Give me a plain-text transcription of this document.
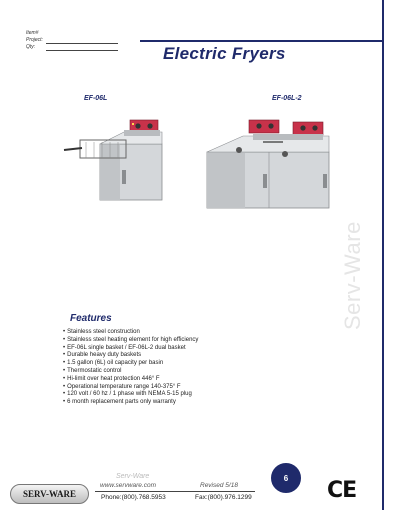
Item#
Project:
Qty:	Electric Fryers
EF-06L	EF-06L-2
Serv-Ware
Features
• Stainless steel construction
• Stainless steel heating element for high efficiency
• EF-06L single basket / EF-06L-2 dual basket
• Durable heavy duty baskets
• 1.5 gallon (6L) oil capacity per basin
• Thermostatic control
• Hi-limit over heat protection 446° F
• Operational temperature range 140-375° F
• 120 volt / 60 hz / 1 phase with NEMA 5-15 plug
• 6 month replacement parts only warranty
SERV-WARE
Serv-Ware
www.servware.com	Revised 5/18
Phone:(800).768.5953	Fax:(800).976.1299
6 CE
